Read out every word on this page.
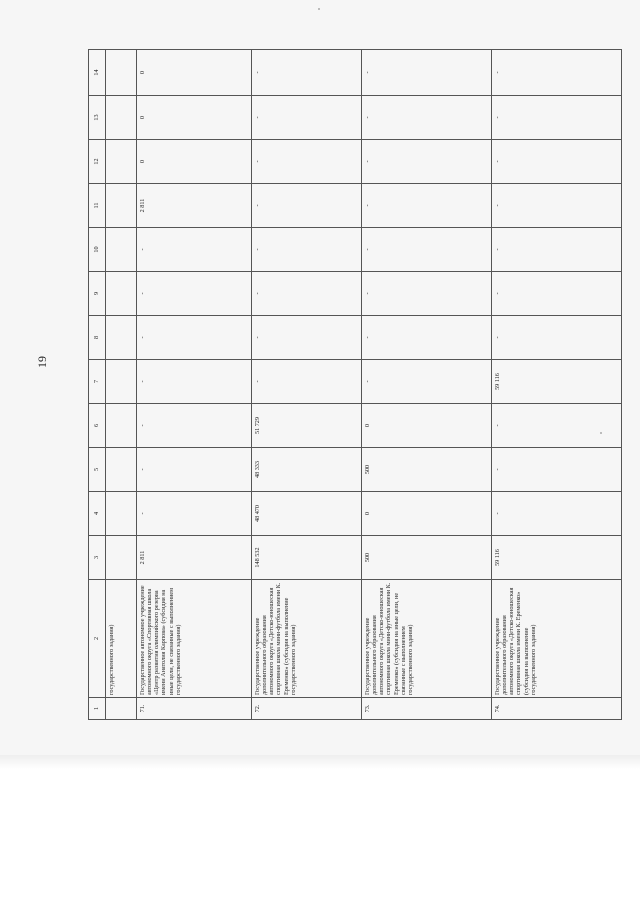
19
1	2	3	4	5	6	7	8	9	10	11	12	13	14
	государственного задания)												
71.	Государственное автономное учреждение автономного округа «Спортивная школа «Центр развития олимпийского резерва имени Анатолия Карпова» (субсидия на иные цели, не связанные с выполнением государственного задания)	2 811	-	-	-	-	-	-	-	2 811	0	0	0
72.	Государственное учреждение дополнительного образования автономного округа «Детско-юношеская спортивная школа мини-футбола имени К. Еременко» (субсидия на выполнение государственного задания)	148 532	48 470	48 333	51 729	-	-	-	-	-	-	-	-
73.	Государственное учреждение дополнительного образования автономного округа «Детско-юношеская спортивная школа мини-футбола имени К. Еременко» (субсидия на иные цели, не связанные с выполнением государственного задания)	500	0	500	0	-	-	-	-	-	-	-	-
74.	Государственное учреждение дополнительного образования автономного округа «Детско-юношеская спортивная школа имени К. Еременко» (субсидия на выполнение государственного задания)	59 116	-	-	-	59 116	-	-	-	-	-	-	-
